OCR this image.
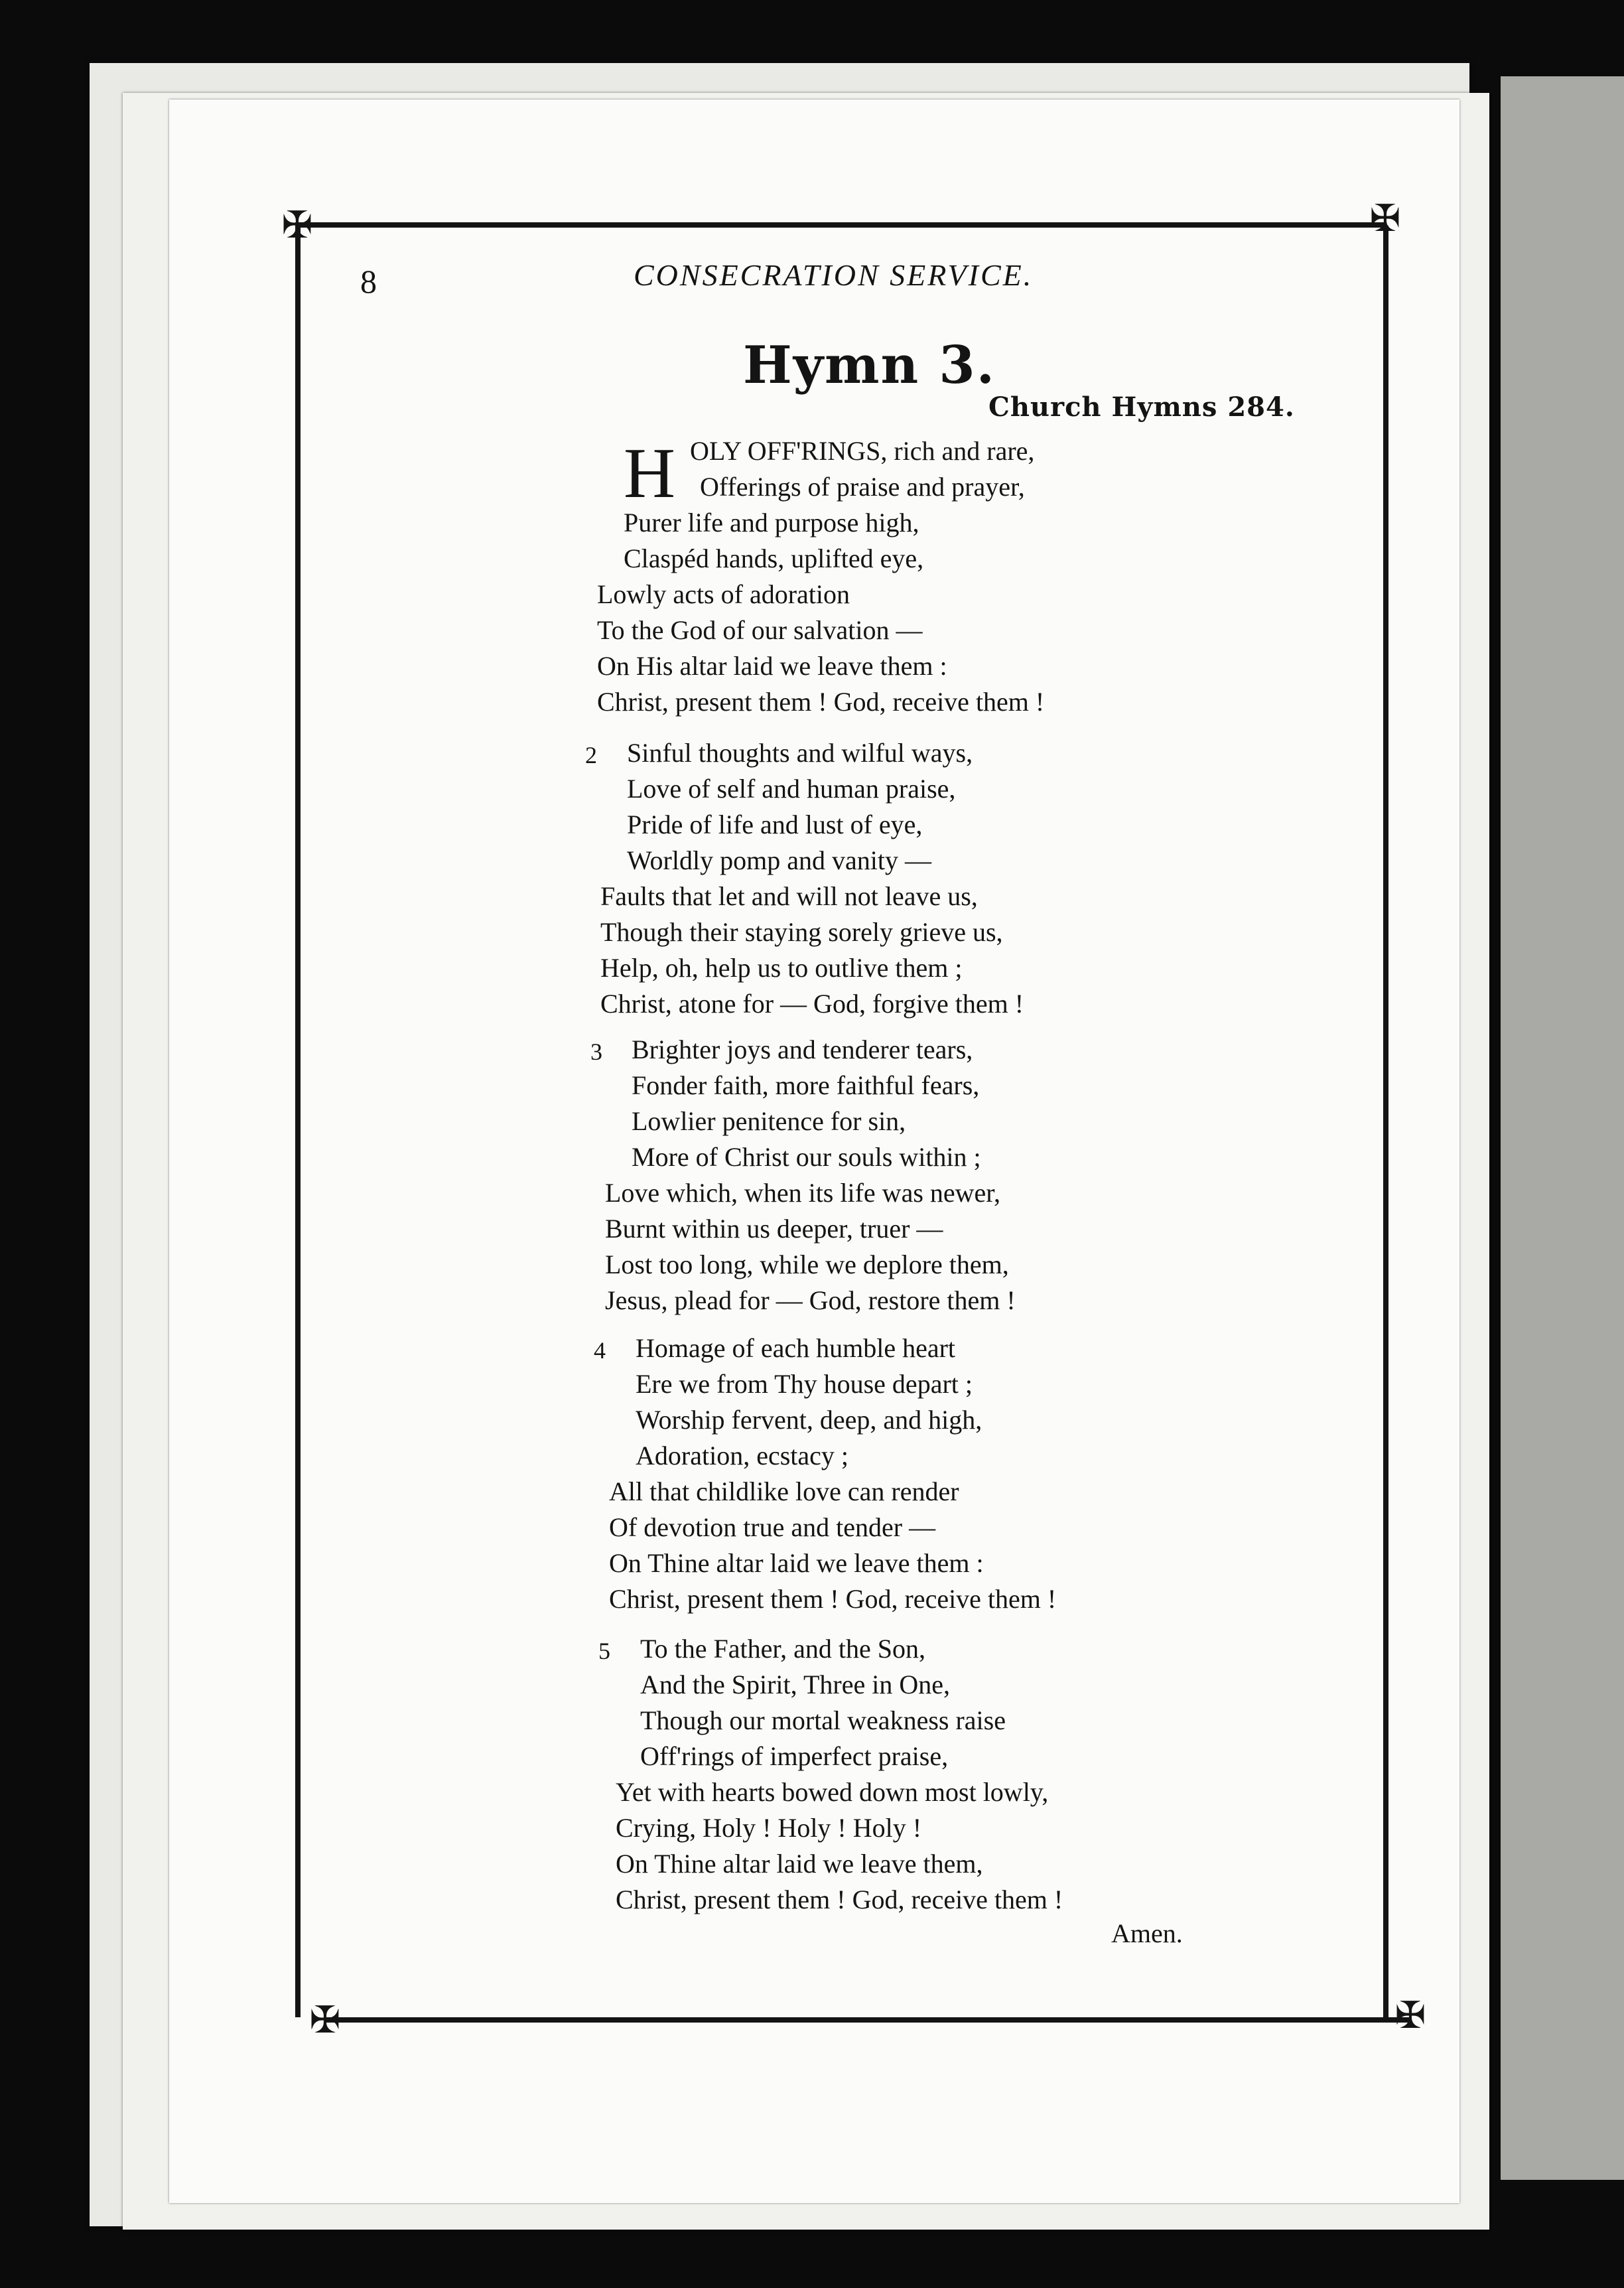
✠	✠
✠	✠
8	CONSECRATION SERVICE.
Hymn 3.
Church Hymns 284.
H OLY OFF'RINGS, rich and rare,
Offerings of praise and prayer,
Purer life and purpose high,
Claspéd hands, uplifted eye,
Lowly acts of adoration
To the God of our salvation —
On His altar laid we leave them :
Christ, present them ! God, receive them !
2 Sinful thoughts and wilful ways,
Love of self and human praise,
Pride of life and lust of eye,
Worldly pomp and vanity —
Faults that let and will not leave us,
Though their staying sorely grieve us,
Help, oh, help us to outlive them ;
Christ, atone for — God, forgive them !
3 Brighter joys and tenderer tears,
Fonder faith, more faithful fears,
Lowlier penitence for sin,
More of Christ our souls within ;
Love which, when its life was newer,
Burnt within us deeper, truer —
Lost too long, while we deplore them,
Jesus, plead for — God, restore them !
4 Homage of each humble heart
Ere we from Thy house depart ;
Worship fervent, deep, and high,
Adoration, ecstacy ;
All that childlike love can render
Of devotion true and tender —
On Thine altar laid we leave them :
Christ, present them ! God, receive them !
5 To the Father, and the Son,
And the Spirit, Three in One,
Though our mortal weakness raise
Off'rings of imperfect praise,
Yet with hearts bowed down most lowly,
Crying, Holy ! Holy ! Holy !
On Thine altar laid we leave them,
Christ, present them ! God, receive them !
Amen.
